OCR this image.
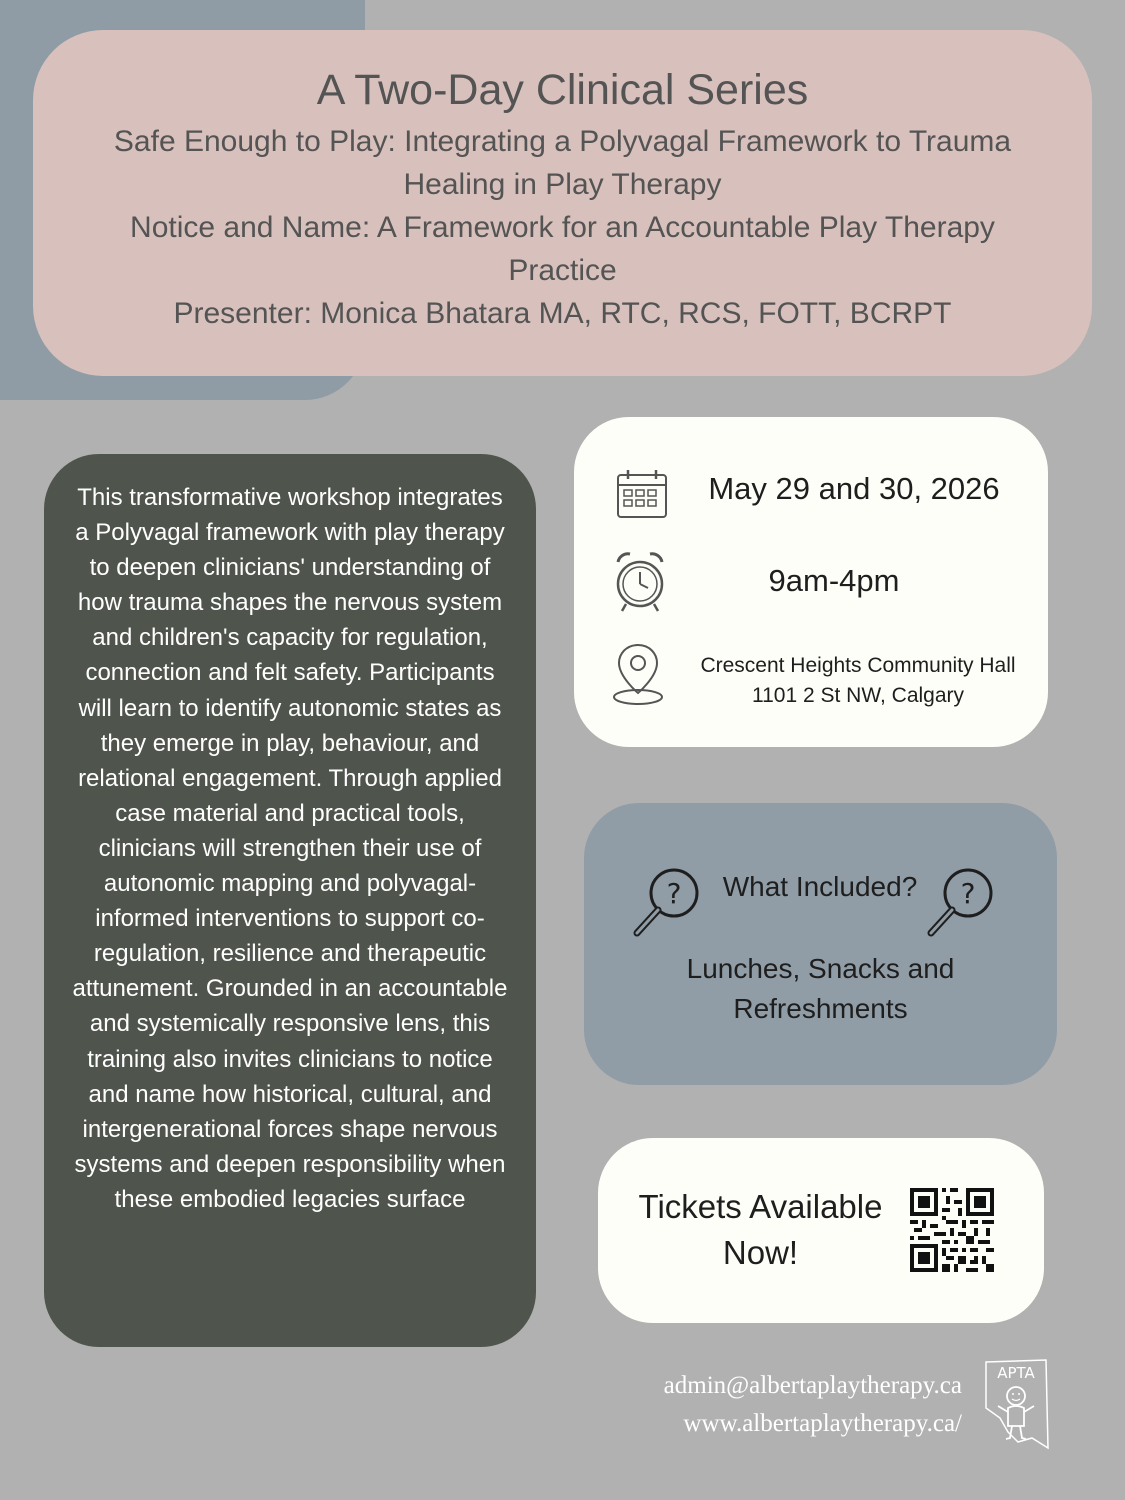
A Two-Day Clinical Series
Safe Enough to Play: Integrating a Polyvagal Framework to Trauma Healing in Play Therapy
Notice and Name: A Framework for an Accountable Play Therapy Practice
Presenter: Monica Bhatara MA, RTC, RCS, FOTT, BCRPT
This transformative workshop integrates a Polyvagal framework with play therapy to deepen clinicians' understanding of how trauma shapes the nervous system and children's capacity for regulation, connection and felt safety. Participants will learn to identify autonomic states as they emerge in play, behaviour, and relational engagement. Through applied case material and practical tools, clinicians will strengthen their use of autonomic mapping and polyvagal-informed interventions to support co-regulation, resilience and therapeutic attunement. Grounded in an accountable and systemically responsive lens, this training also invites clinicians to notice and name how historical, cultural, and intergenerational forces shape nervous systems and deepen responsibility when these embodied legacies surface
May 29 and 30, 2026
9am-4pm
Crescent Heights Community Hall
1101 2 St NW, Calgary
?	What Included?	?
Lunches, Snacks and
Refreshments
Tickets Available
Now!
admin@albertaplaytherapy.ca
www.albertaplaytherapy.ca/
APTA
